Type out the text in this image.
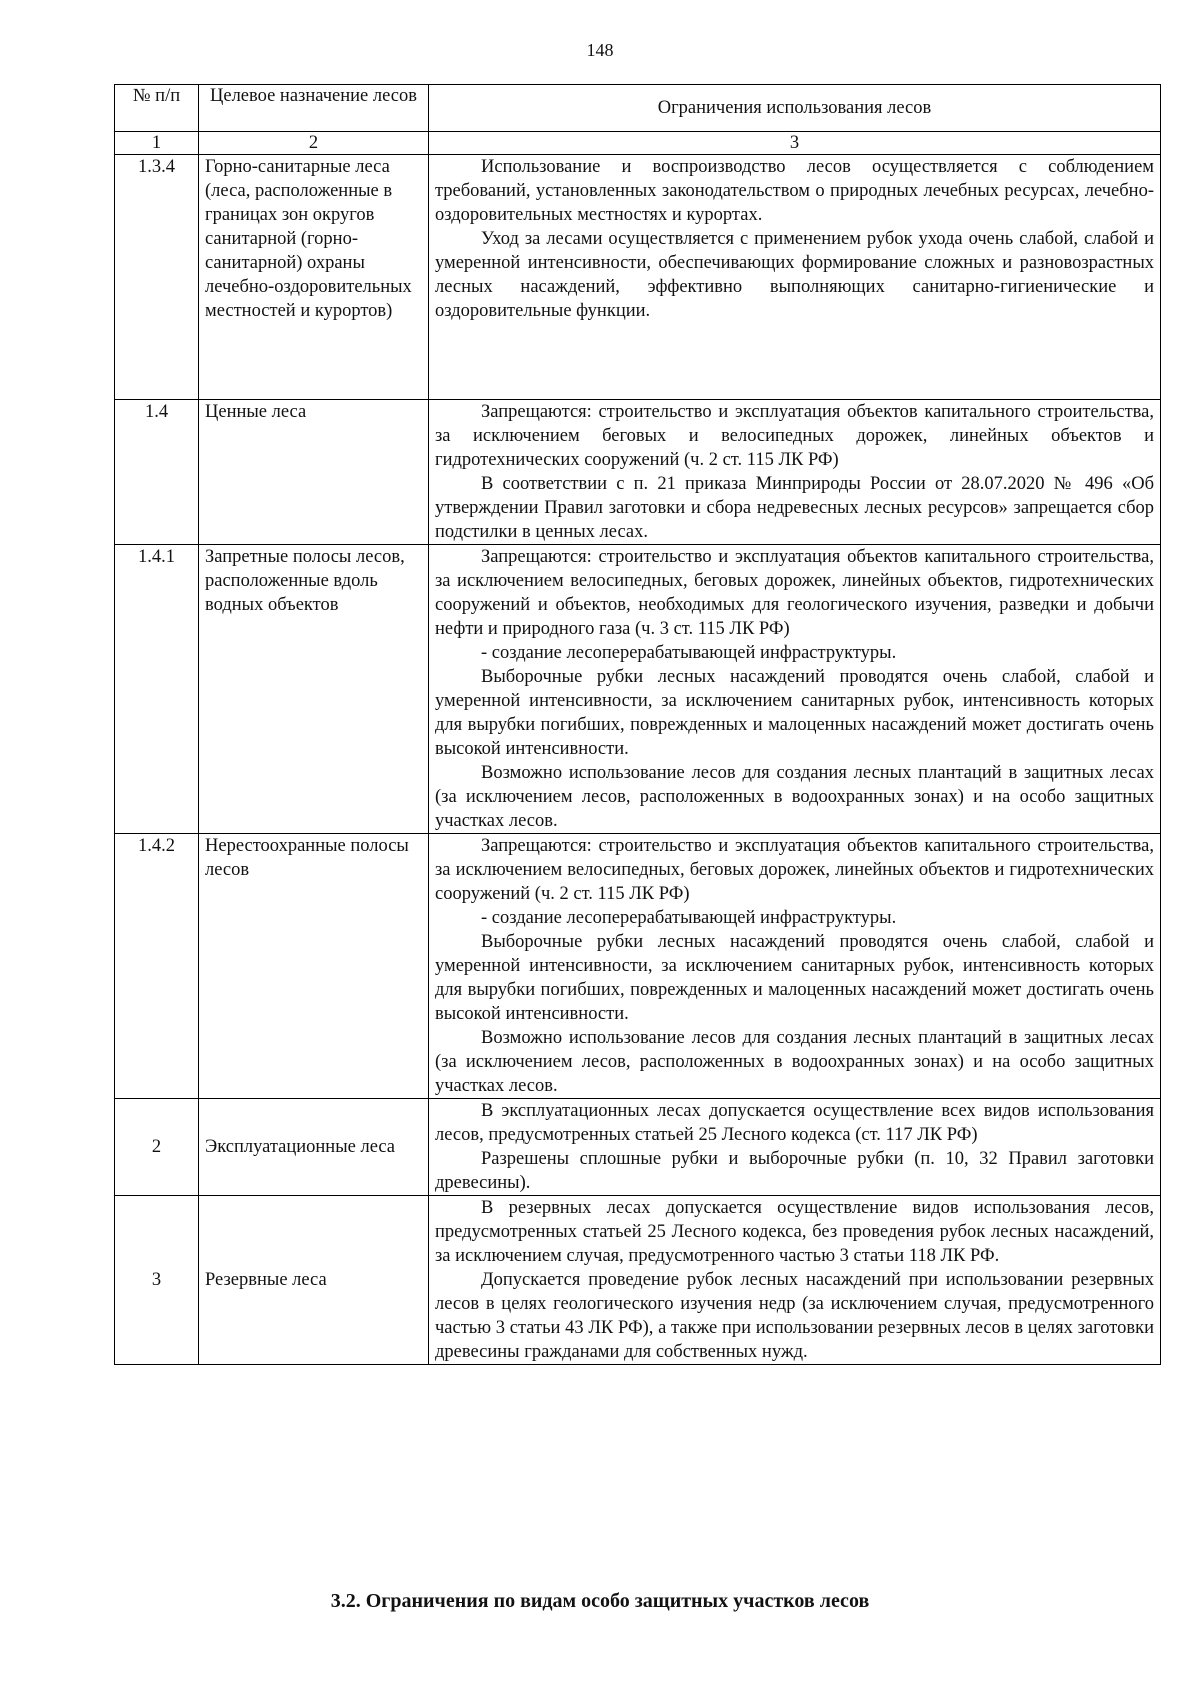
148
№ п/п	Целевое назначение лесов	Ограничения использования лесов
1	2	3
1.3.4	Горно-санитарные леса (леса, расположенные в границах зон округов санитарной (горно-санитарной) охраны лечебно-оздоровительных местностей и курортов)	Использование и воспроизводство лесов осуществляется с соблюдением требований, установленных законодательством о природных лечебных ресурсах, лечебно-оздоровительных местностях и курортах.

Уход за лесами осуществляется с применением рубок ухода очень слабой, слабой и умеренной интенсивности, обеспечивающих формирование сложных и разновозрастных лесных насаждений, эффективно выполняющих санитарно-гигиенические и оздоровительные функции.

1.4	Ценные леса	Запрещаются: строительство и эксплуатация объектов капитального строительства, за исключением беговых и велосипедных дорожек, линейных объектов и гидротехнических сооружений (ч. 2 ст. 115 ЛК РФ)

В соответствии с п. 21 приказа Минприроды России от 28.07.2020 № 496 «Об утверждении Правил заготовки и сбора недревесных лесных ресурсов» запрещается сбор подстилки в ценных лесах.

1.4.1	Запретные полосы лесов, расположенные вдоль водных объектов	Запрещаются: строительство и эксплуатация объектов капитального строительства, за исключением велосипедных, беговых дорожек, линейных объектов, гидротехнических сооружений и объектов, необходимых для геологического изучения, разведки и добычи нефти и природного газа (ч. 3 ст. 115 ЛК РФ)

- создание лесоперерабатывающей инфраструктуры.

Выборочные рубки лесных насаждений проводятся очень слабой, слабой и умеренной интенсивности, за исключением санитарных рубок, интенсивность которых для вырубки погибших, поврежденных и малоценных насаждений может достигать очень высокой интенсивности.

Возможно использование лесов для создания лесных плантаций в защитных лесах (за исключением лесов, расположенных в водоохранных зонах) и на особо защитных участках лесов.

1.4.2	Нерестоохранные полосы лесов	Запрещаются: строительство и эксплуатация объектов капитального строительства, за исключением велосипедных, беговых дорожек, линейных объектов и гидротехнических сооружений (ч. 2 ст. 115 ЛК РФ)

- создание лесоперерабатывающей инфраструктуры.

Выборочные рубки лесных насаждений проводятся очень слабой, слабой и умеренной интенсивности, за исключением санитарных рубок, интенсивность которых для вырубки погибших, поврежденных и малоценных насаждений может достигать очень высокой интенсивности.

Возможно использование лесов для создания лесных плантаций в защитных лесах (за исключением лесов, расположенных в водоохранных зонах) и на особо защитных участках лесов.

2	Эксплуатационные леса	В эксплуатационных лесах допускается осуществление всех видов использования лесов, предусмотренных статьей 25 Лесного кодекса (ст. 117 ЛК РФ)

Разрешены сплошные рубки и выборочные рубки (п. 10, 32 Правил заготовки древесины).

3	Резервные леса	В резервных лесах допускается осуществление видов использования лесов, предусмотренных статьей 25 Лесного кодекса, без проведения рубок лесных насаждений, за исключением случая, предусмотренного частью 3 статьи 118 ЛК РФ.

Допускается проведение рубок лесных насаждений при использовании резервных лесов в целях геологического изучения недр (за исключением случая, предусмотренного частью 3 статьи 43 ЛК РФ), а также при использовании резервных лесов в целях заготовки древесины гражданами для собственных нужд.

3.2. Ограничения по видам особо защитных участков лесов
